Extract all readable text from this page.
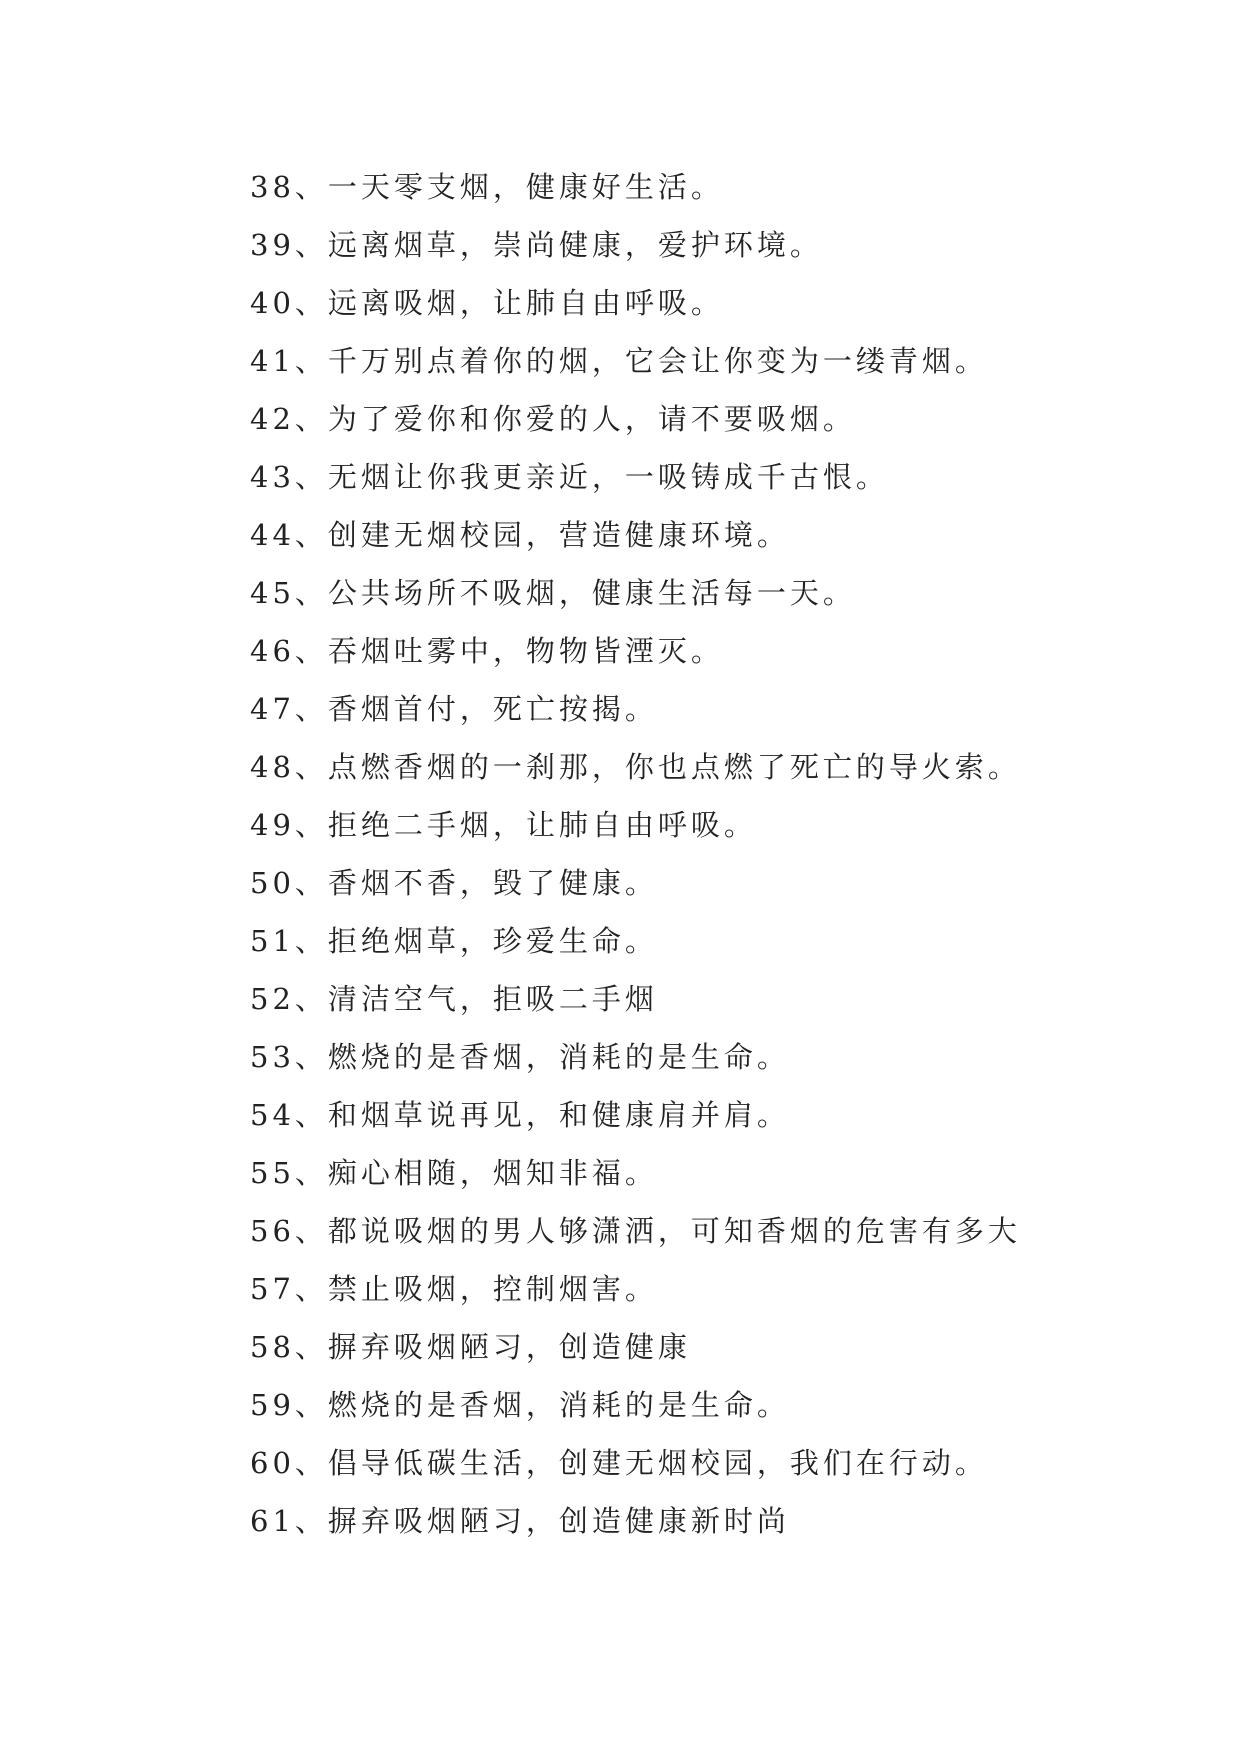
38、一天零支烟，健康好生活。
39、远离烟草，崇尚健康，爱护环境。
40、远离吸烟，让肺自由呼吸。
41、千万别点着你的烟，它会让你变为一缕青烟。
42、为了爱你和你爱的人，请不要吸烟。
43、无烟让你我更亲近，一吸铸成千古恨。
44、创建无烟校园，营造健康环境。
45、公共场所不吸烟，健康生活每一天。
46、吞烟吐雾中，物物皆湮灭。
47、香烟首付，死亡按揭。
48、点燃香烟的一刹那，你也点燃了死亡的导火索。
49、拒绝二手烟，让肺自由呼吸。
50、香烟不香，毁了健康。
51、拒绝烟草，珍爱生命。
52、清洁空气，拒吸二手烟
53、燃烧的是香烟，消耗的是生命。
54、和烟草说再见，和健康肩并肩。
55、痴心相随，烟知非福。
56、都说吸烟的男人够潇洒，可知香烟的危害有多大
57、禁止吸烟，控制烟害。
58、摒弃吸烟陋习，创造健康
59、燃烧的是香烟，消耗的是生命。
60、倡导低碳生活，创建无烟校园，我们在行动。
61、摒弃吸烟陋习，创造健康新时尚
